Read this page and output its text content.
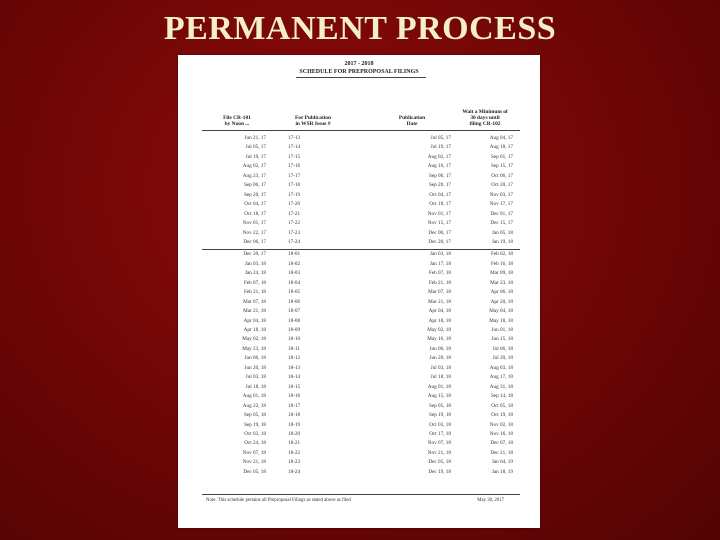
PERMANENT PROCESS
2017 - 2018
SCHEDULE FOR PREPROPOSAL FILINGS
File CR-101
by Noon ...
For Publication
in WSR Issue #
Publication
Date
Wait a Minimum of
30 days until
filing CR-102
Jun 21, 17	17-13	Jul 05, 17	Aug 04, 17
Jul 05, 17	17-14	Jul 19, 17	Aug 18, 17
Jul 19, 17	17-15	Aug 02, 17	Sep 01, 17
Aug 02, 17	17-16	Aug 16, 17	Sep 15, 17
Aug 23, 17	17-17	Sep 06, 17	Oct 06, 17
Sep 06, 17	17-18	Sep 20, 17	Oct 20, 17
Sep 20, 17	17-19	Oct 04, 17	Nov 03, 17
Oct 04, 17	17-20	Oct 18, 17	Nov 17, 17
Oct 18, 17	17-21	Nov 01, 17	Dec 01, 17
Nov 01, 17	17-22	Nov 15, 17	Dec 15, 17
Nov 22, 17	17-23	Dec 06, 17	Jan 05, 18
Dec 06, 17	17-24	Dec 20, 17	Jan 19, 18
Dec 20, 17	18-01	Jan 03, 18	Feb 02, 18
Jan 03, 18	18-02	Jan 17, 18	Feb 16, 18
Jan 24, 18	18-03	Feb 07, 18	Mar 09, 18
Feb 07, 18	18-04	Feb 21, 18	Mar 23, 18
Feb 21, 18	18-05	Mar 07, 18	Apr 06, 18
Mar 07, 18	18-06	Mar 21, 18	Apr 20, 18
Mar 21, 18	18-07	Apr 04, 18	May 04, 18
Apr 04, 18	18-08	Apr 18, 18	May 18, 18
Apr 18, 18	18-09	May 02, 18	Jun 01, 18
May 02, 18	18-10	May 16, 18	Jun 15, 18
May 23, 18	18-11	Jun 06, 18	Jul 06, 18
Jun 06, 18	18-12	Jun 20, 18	Jul 20, 18
Jun 20, 18	18-13	Jul 03, 18	Aug 03, 18
Jul 03, 18	18-14	Jul 18, 18	Aug 17, 18
Jul 18, 18	18-15	Aug 01, 18	Aug 31, 18
Aug 01, 18	18-16	Aug 15, 18	Sep 14, 18
Aug 22, 18	18-17	Sep 05, 18	Oct 05, 18
Sep 05, 18	18-18	Sep 19, 18	Oct 19, 18
Sep 19, 18	18-19	Oct 03, 18	Nov 02, 18
Oct 03, 18	18-20	Oct 17, 18	Nov 16, 18
Oct 24, 18	18-21	Nov 07, 18	Dec 07, 18
Nov 07, 18	18-22	Nov 21, 18	Dec 21, 18
Nov 21, 18	18-23	Dec 05, 18	Jan 04, 19
Dec 05, 18	18-24	Dec 19, 18	Jan 18, 19
Note: This schedule pertains all Preproposal Filings as stated above as filed	May 30, 2017
